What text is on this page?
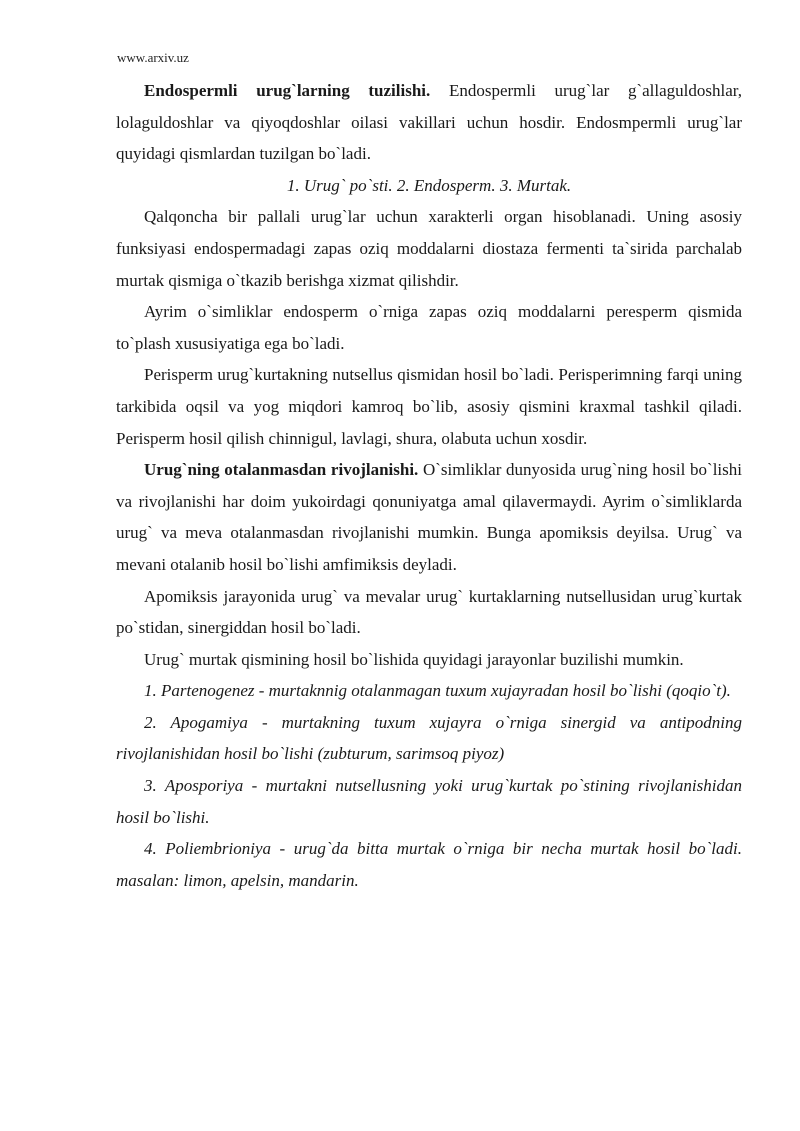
www.arxiv.uz

Endospermli urug`larning tuzilishi. Endospermli urug`lar g`allaguldoshlar, lolaguldoshlar va qiyoqdoshlar oilasi vakillari uchun hosdir. Endosmpermli urug`lar quyidagi qismlardan tuzilgan bo`ladi.

1. Urug` po`sti. 2. Endosperm. 3. Murtak.

Qalqoncha bir pallali urug`lar uchun xarakterli organ hisoblanadi. Uning asosiy funksiyasi endospermadagi zapas oziq moddalarni diostaza fermenti ta`sirida parchalab murtak qismiga o`tkazib berishga xizmat qilishdir.

Ayrim o`simliklar endosperm o`rniga zapas oziq moddalarni peresperm qismida to`plash xususiyatiga ega bo`ladi.

Perisperm urug`kurtakning nutsellus qismidan hosil bo`ladi. Perisperimning farqi uning tarkibida oqsil va yog miqdori kamroq bo`lib, asosiy qismini kraxmal tashkil qiladi. Perisperm hosil qilish chinnigul, lavlagi, shura, olabuta uchun xosdir.

Urug`ning otalanmasdan rivojlanishi. O`simliklar dunyosida urug`ning hosil bo`lishi va rivojlanishi har doim yukoirdagi qonuniyatga amal qilavermaydi. Ayrim o`simliklarda urug` va meva otalanmasdan rivojlanishi mumkin. Bunga apomiksis deyilsa. Urug` va mevani otalanib hosil bo`lishi amfimiksis deyladi.

Apomiksis jarayonida urug` va mevalar urug` kurtaklarning nutsellusidan urug`kurtak po`stidan, sinergiddan hosil bo`ladi.

Urug` murtak qismining hosil bo`lishida quyidagi jarayonlar buzilishi mumkin.

1. Partenogenez - murtaknnig otalanmagan tuxum xujayradan hosil bo`lishi (qoqio`t).

2. Apogamiya - murtakning tuxum xujayra o`rniga sinergid va antipodning rivojlanishidan hosil bo`lishi (zubturum, sarimsoq piyoz)

3. Aposporiya - murtakni nutsellusning yoki urug`kurtak po`stining rivojlanishidan hosil bo`lishi.

4. Poliembrioniya - urug`da bitta murtak o`rniga bir necha murtak hosil bo`ladi. masalan: limon, apelsin, mandarin.
